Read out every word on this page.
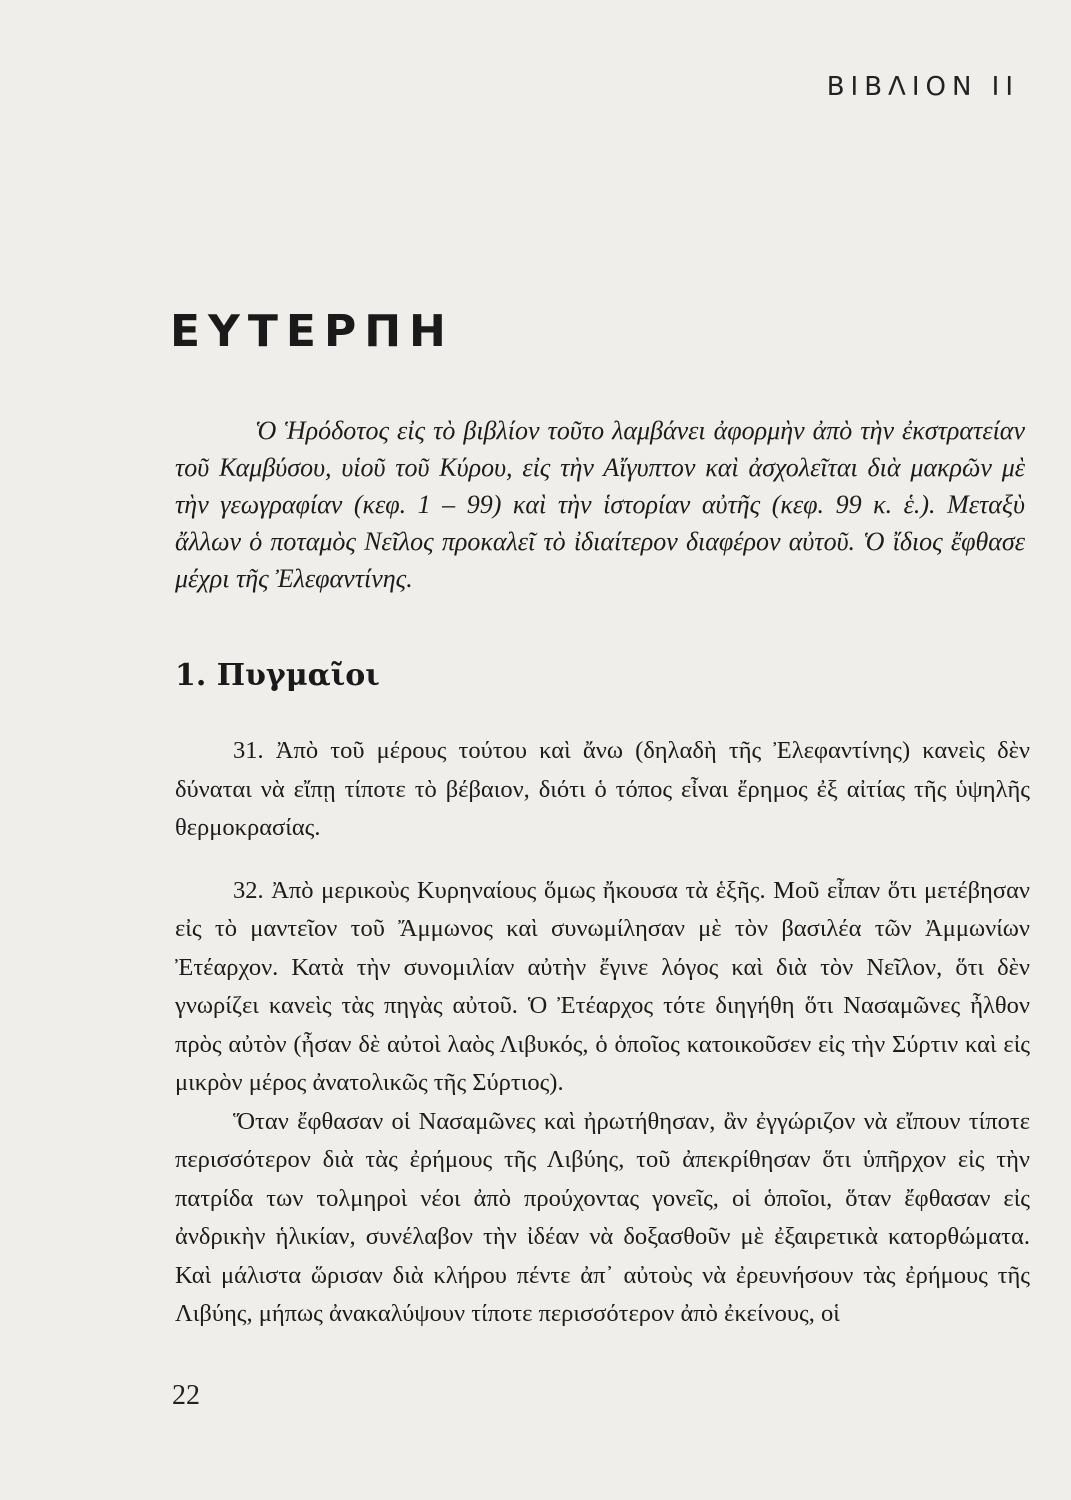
ΒΙΒΛΙΟΝ ΙΙ
ΕΥΤΕΡΠΗ
Ὁ Ἡρόδοτος εἰς τὸ βιβλίον τοῦτο λαμβάνει ἀφορμὴν ἀπὸ τὴν ἐκστρατείαν τοῦ Καμβύσου, υἱοῦ τοῦ Κύρου, εἰς τὴν Αἴγυπτον καὶ ἀσχολεῖται διὰ μακρῶν μὲ τὴν γεωγραφίαν (κεφ. 1 – 99) καὶ τὴν ἱστορίαν αὐτῆς (κεφ. 99 κ. ἑ.). Μεταξὺ ἄλλων ὁ ποταμὸς Νεῖλος προκαλεῖ τὸ ἰδιαίτερον διαφέρον αὐτοῦ. Ὁ ἴδιος ἔφθασε μέχρι τῆς Ἐλεφαντίνης.
1. Πυγμαῖοι

31. Ἀπὸ τοῦ μέρους τούτου καὶ ἄνω (δηλαδὴ τῆς Ἐλεφαντίνης) κανεὶς δὲν δύναται νὰ εἴπῃ τίποτε τὸ βέβαιον, διότι ὁ τόπος εἶναι ἔρημος ἐξ αἰτίας τῆς ὑψηλῆς θερμοκρασίας.

32. Ἀπὸ μερικοὺς Κυρηναίους ὅμως ἤκουσα τὰ ἑξῆς. Μοῦ εἶπαν ὅτι μετέβησαν εἰς τὸ μαντεῖον τοῦ Ἄμμωνος καὶ συνωμίλησαν μὲ τὸν βασιλέα τῶν Ἀμμωνίων Ἐτέαρχον. Κατὰ τὴν συνομιλίαν αὐτὴν ἔγινε λόγος καὶ διὰ τὸν Νεῖλον, ὅτι δὲν γνωρίζει κανεὶς τὰς πηγὰς αὐτοῦ. Ὁ Ἐτέαρχος τότε διηγήθη ὅτι Νασαμῶνες ἦλθον πρὸς αὐτὸν (ἦσαν δὲ αὐτοὶ λαὸς Λιβυκός, ὁ ὁποῖος κατοικοῦσεν εἰς τὴν Σύρτιν καὶ εἰς μικρὸν μέρος ἀνατολικῶς τῆς Σύρτιος).

Ὅταν ἔφθασαν οἱ Νασαμῶνες καὶ ἠρωτήθησαν, ἂν ἐγγώριζον νὰ εἴπουν τίποτε περισσότερον διὰ τὰς ἐρήμους τῆς Λιβύης, τοῦ ἀπεκρίθησαν ὅτι ὑπῆρχον εἰς τὴν πατρίδα των τολμηροὶ νέοι ἀπὸ προύχοντας γονεῖς, οἱ ὁποῖοι, ὅταν ἔφθασαν εἰς ἀνδρικὴν ἡλικίαν, συνέλαβον τὴν ἰδέαν νὰ δοξασθοῦν μὲ ἐξαιρετικὰ κατορθώματα. Καὶ μάλιστα ὥρισαν διὰ κλήρου πέντε ἀπ᾽ αὐτοὺς νὰ ἐρευνήσουν τὰς ἐρήμους τῆς Λιβύης, μήπως ἀνακαλύψουν τίποτε περισσότερον ἀπὸ ἐκείνους, οἱ

22
